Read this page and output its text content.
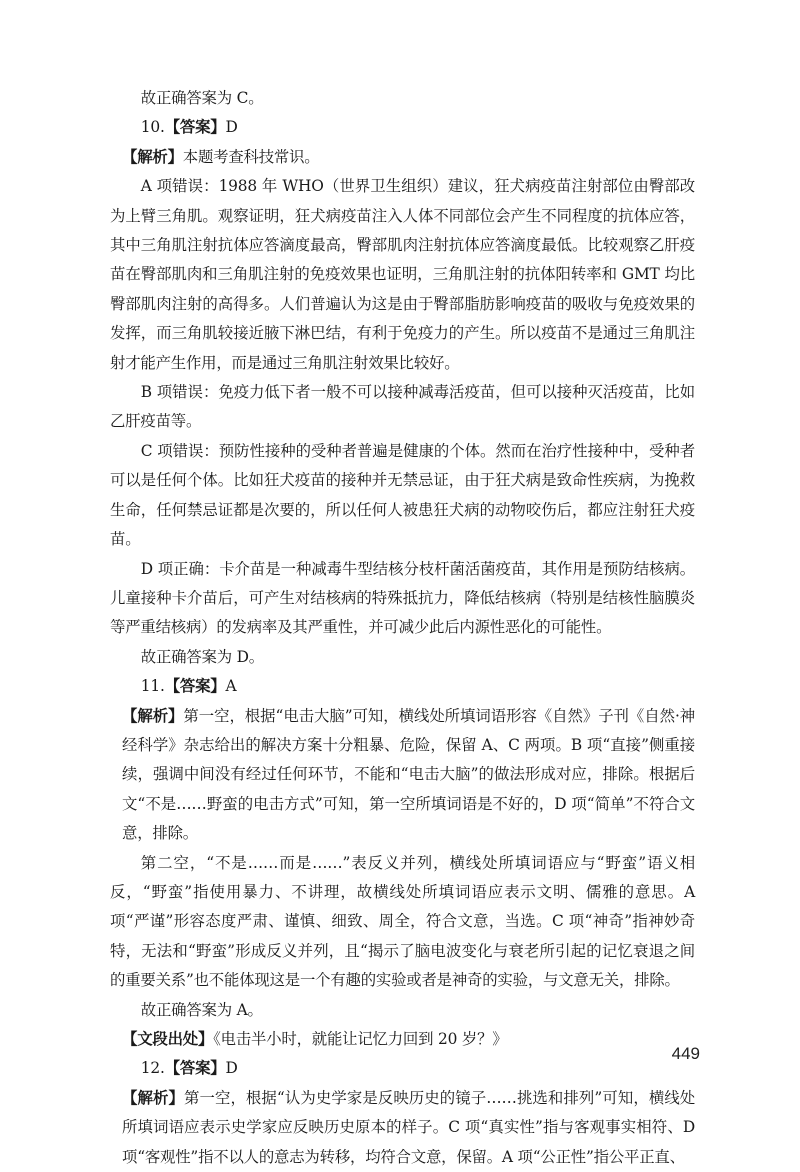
故正确答案为 C。

10.【答案】D

【解析】本题考查科技常识。

A 项错误：1988 年 WHO（世界卫生组织）建议，狂犬病疫苗注射部位由臀部改为上臂三角肌。观察证明，狂犬病疫苗注入人体不同部位会产生不同程度的抗体应答，其中三角肌注射抗体应答滴度最高，臀部肌肉注射抗体应答滴度最低。比较观察乙肝疫苗在臀部肌肉和三角肌注射的免疫效果也证明，三角肌注射的抗体阳转率和 GMT 均比臀部肌肉注射的高得多。人们普遍认为这是由于臀部脂肪影响疫苗的吸收与免疫效果的发挥，而三角肌较接近腋下淋巴结，有利于免疫力的产生。所以疫苗不是通过三角肌注射才能产生作用，而是通过三角肌注射效果比较好。

B 项错误：免疫力低下者一般不可以接种减毒活疫苗，但可以接种灭活疫苗，比如乙肝疫苗等。

C 项错误：预防性接种的受种者普遍是健康的个体。然而在治疗性接种中，受种者可以是任何个体。比如狂犬疫苗的接种并无禁忌证，由于狂犬病是致命性疾病，为挽救生命，任何禁忌证都是次要的，所以任何人被患狂犬病的动物咬伤后，都应注射狂犬疫苗。

D 项正确：卡介苗是一种减毒牛型结核分枝杆菌活菌疫苗，其作用是预防结核病。儿童接种卡介苗后，可产生对结核病的特殊抵抗力，降低结核病（特别是结核性脑膜炎等严重结核病）的发病率及其严重性，并可减少此后内源性恶化的可能性。

故正确答案为 D。

11.【答案】A

【解析】第一空，根据“电击大脑”可知，横线处所填词语形容《自然》子刊《自然·神经科学》杂志给出的解决方案十分粗暴、危险，保留 A、C 两项。B 项“直接”侧重接续，强调中间没有经过任何环节，不能和“电击大脑”的做法形成对应，排除。根据后文“不是……野蛮的电击方式”可知，第一空所填词语是不好的，D 项“简单”不符合文意，排除。

第二空，“不是……而是……”表反义并列，横线处所填词语应与“野蛮”语义相反，“野蛮”指使用暴力、不讲理，故横线处所填词语应表示文明、儒雅的意思。A 项“严谨”形容态度严肃、谨慎、细致、周全，符合文意，当选。C 项“神奇”指神妙奇特，无法和“野蛮”形成反义并列，且“揭示了脑电波变化与衰老所引起的记忆衰退之间的重要关系”也不能体现这是一个有趣的实验或者是神奇的实验，与文意无关，排除。

故正确答案为 A。

【文段出处】《电击半小时，就能让记忆力回到 20 岁？》

12.【答案】D

【解析】第一空，根据“认为史学家是反映历史的镜子……挑选和排列”可知，横线处所填词语应表示史学家应反映历史原本的样子。C 项“真实性”指与客观事实相符、D 项“客观性”指不以人的意志为转移，均符合文意，保留。A 项“公正性”指公平正直、

449
